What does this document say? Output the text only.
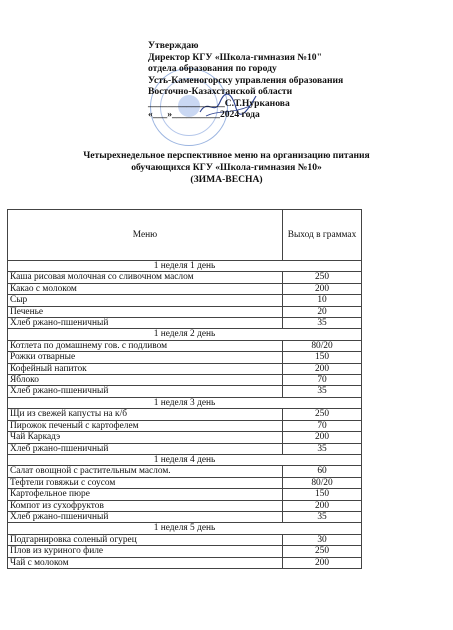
Утверждаю
Директор КГУ «Школа-гимназия №10"
отдела образования по городу
Усть-Каменогорску управления образования
Восточно-Казахстанской области
________________С.Т.Нурканова
«___»__________2024 года
Четырехнедельное перспективное меню на организацию питания
обучающихся КГУ «Школа-гимназия №10»
(ЗИМА-ВЕСНА)
Меню	Выход в граммах
1 неделя 1 день	
Каша рисовая молочная со сливочном маслом	250
Какао с молоком	200
Сыр	10
Печенье	20
Хлеб ржано-пшеничный	35
1 неделя 2 день	
Котлета по домашнему гов. с подливом	80/20
Рожки отварные	150
Кофейный напиток	200
Яблоко	70
Хлеб ржано-пшеничный	35
1 неделя 3 день	
Щи из свежей капусты на к/б	250
Пирожок печеный с картофелем	70
Чай Каркадэ	200
Хлеб ржано-пшеничный	35
1 неделя 4 день	
Салат овощной с растительным маслом.	60
Тефтели говяжьи с соусом	80/20
Картофельное пюре	150
Компот из сухофруктов	200
Хлеб ржано-пшеничный	35
1 неделя 5 день	
Подгарнировка соленый огурец	30
Плов из куриного филе	250
Чай с молоком	200
